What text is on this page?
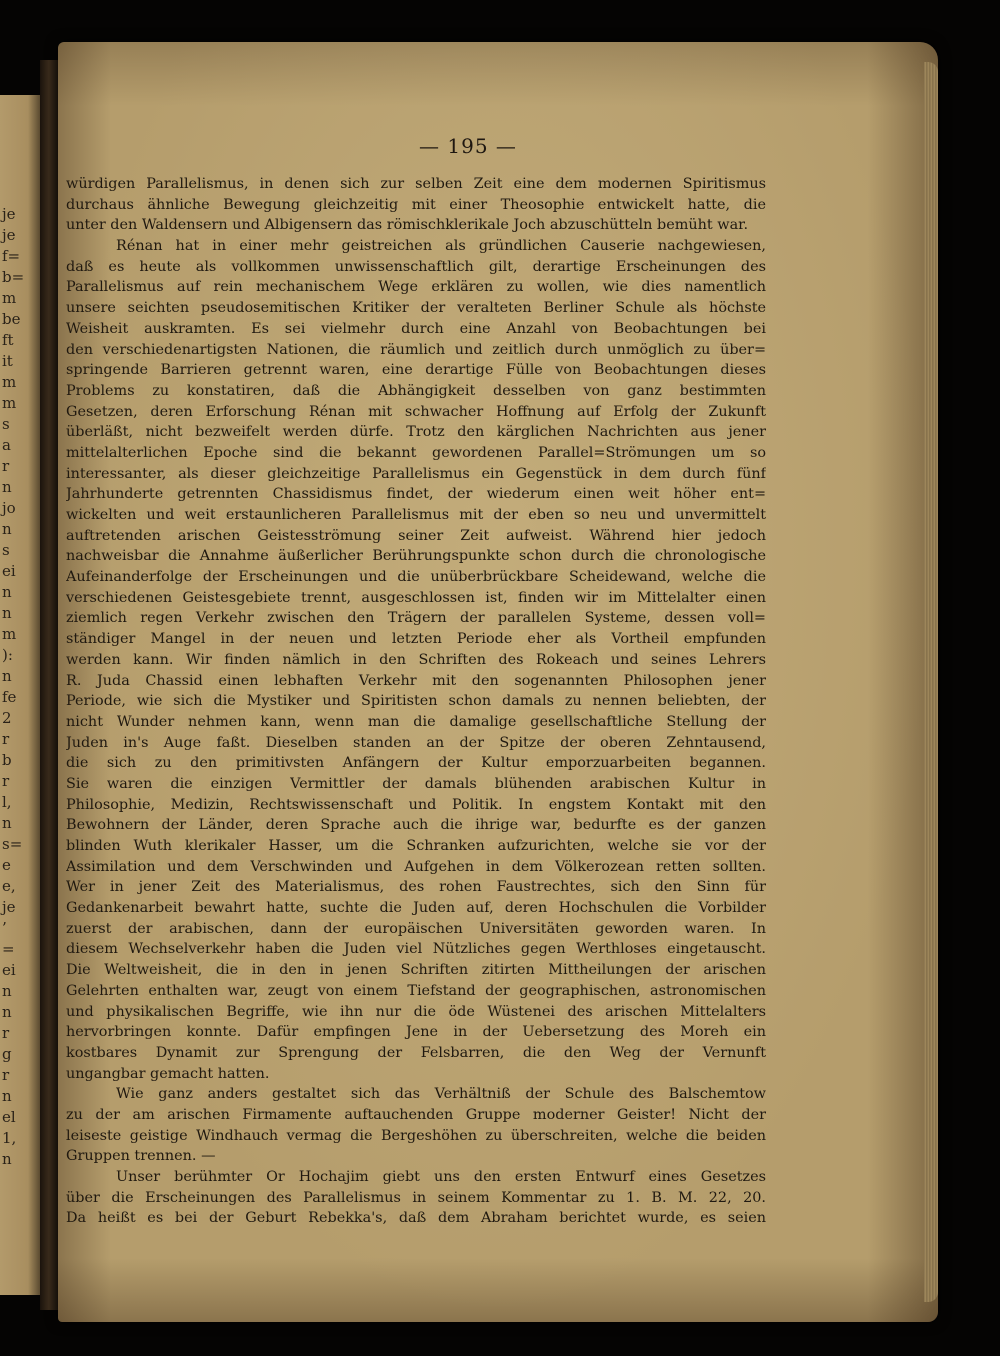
je
je
f=
b=
m
be
ft
it
m
m
s
a
r
n
jo
n
s
ei
n
n
m
):
n
fe
2
r
b
r
l,
n
s=
e
e,
je
’
=
ei
n
n
r
g
r
n
el
1,
n
— 195 —
würdigen Parallelismus, in denen sich zur selben Zeit eine dem modernen Spiritismus
durchaus ähnliche Bewegung gleichzeitig mit einer Theosophie entwickelt hatte, die
unter den Waldensern und Albigensern das römischklerikale Joch abzuschütteln bemüht war.
Rénan hat in einer mehr geistreichen als gründlichen Causerie nachgewiesen,
daß es heute als vollkommen unwissenschaftlich gilt, derartige Erscheinungen des
Parallelismus auf rein mechanischem Wege erklären zu wollen, wie dies namentlich
unsere seichten pseudosemitischen Kritiker der veralteten Berliner Schule als höchste
Weisheit auskramten. Es sei vielmehr durch eine Anzahl von Beobachtungen bei
den verschiedenartigsten Nationen, die räumlich und zeitlich durch unmöglich zu über=
springende Barrieren getrennt waren, eine derartige Fülle von Beobachtungen dieses
Problems zu konstatiren, daß die Abhängigkeit desselben von ganz bestimmten
Gesetzen, deren Erforschung Rénan mit schwacher Hoffnung auf Erfolg der Zukunft
überläßt, nicht bezweifelt werden dürfe. Trotz den kärglichen Nachrichten aus jener
mittelalterlichen Epoche sind die bekannt gewordenen Parallel=Strömungen um so
interessanter, als dieser gleichzeitige Parallelismus ein Gegenstück in dem durch fünf
Jahrhunderte getrennten Chassidismus findet, der wiederum einen weit höher ent=
wickelten und weit erstaunlicheren Parallelismus mit der eben so neu und unvermittelt
auftretenden arischen Geistesströmung seiner Zeit aufweist. Während hier jedoch
nachweisbar die Annahme äußerlicher Berührungspunkte schon durch die chronologische
Aufeinanderfolge der Erscheinungen und die unüberbrückbare Scheidewand, welche die
verschiedenen Geistesgebiete trennt, ausgeschlossen ist, finden wir im Mittelalter einen
ziemlich regen Verkehr zwischen den Trägern der parallelen Systeme, dessen voll=
ständiger Mangel in der neuen und letzten Periode eher als Vortheil empfunden
werden kann. Wir finden nämlich in den Schriften des Rokeach und seines Lehrers
R. Juda Chassid einen lebhaften Verkehr mit den sogenannten Philosophen jener
Periode, wie sich die Mystiker und Spiritisten schon damals zu nennen beliebten, der
nicht Wunder nehmen kann, wenn man die damalige gesellschaftliche Stellung der
Juden in's Auge faßt. Dieselben standen an der Spitze der oberen Zehntausend,
die sich zu den primitivsten Anfängern der Kultur emporzuarbeiten begannen.
Sie waren die einzigen Vermittler der damals blühenden arabischen Kultur in
Philosophie, Medizin, Rechtswissenschaft und Politik. In engstem Kontakt mit den
Bewohnern der Länder, deren Sprache auch die ihrige war, bedurfte es der ganzen
blinden Wuth klerikaler Hasser, um die Schranken aufzurichten, welche sie vor der
Assimilation und dem Verschwinden und Aufgehen in dem Völkerozean retten sollten.
Wer in jener Zeit des Materialismus, des rohen Faustrechtes, sich den Sinn für
Gedankenarbeit bewahrt hatte, suchte die Juden auf, deren Hochschulen die Vorbilder
zuerst der arabischen, dann der europäischen Universitäten geworden waren. In
diesem Wechselverkehr haben die Juden viel Nützliches gegen Werthloses eingetauscht.
Die Weltweisheit, die in den in jenen Schriften zitirten Mittheilungen der arischen
Gelehrten enthalten war, zeugt von einem Tiefstand der geographischen, astronomischen
und physikalischen Begriffe, wie ihn nur die öde Wüstenei des arischen Mittelalters
hervorbringen konnte. Dafür empfingen Jene in der Uebersetzung des Moreh ein
kostbares Dynamit zur Sprengung der Felsbarren, die den Weg der Vernunft
ungangbar gemacht hatten.
Wie ganz anders gestaltet sich das Verhältniß der Schule des Balschemtow
zu der am arischen Firmamente auftauchenden Gruppe moderner Geister! Nicht der
leiseste geistige Windhauch vermag die Bergeshöhen zu überschreiten, welche die beiden
Gruppen trennen. —
Unser berühmter Or Hochajim giebt uns den ersten Entwurf eines Gesetzes
über die Erscheinungen des Parallelismus in seinem Kommentar zu 1. B. M. 22, 20.
Da heißt es bei der Geburt Rebekka's, daß dem Abraham berichtet wurde, es seien
